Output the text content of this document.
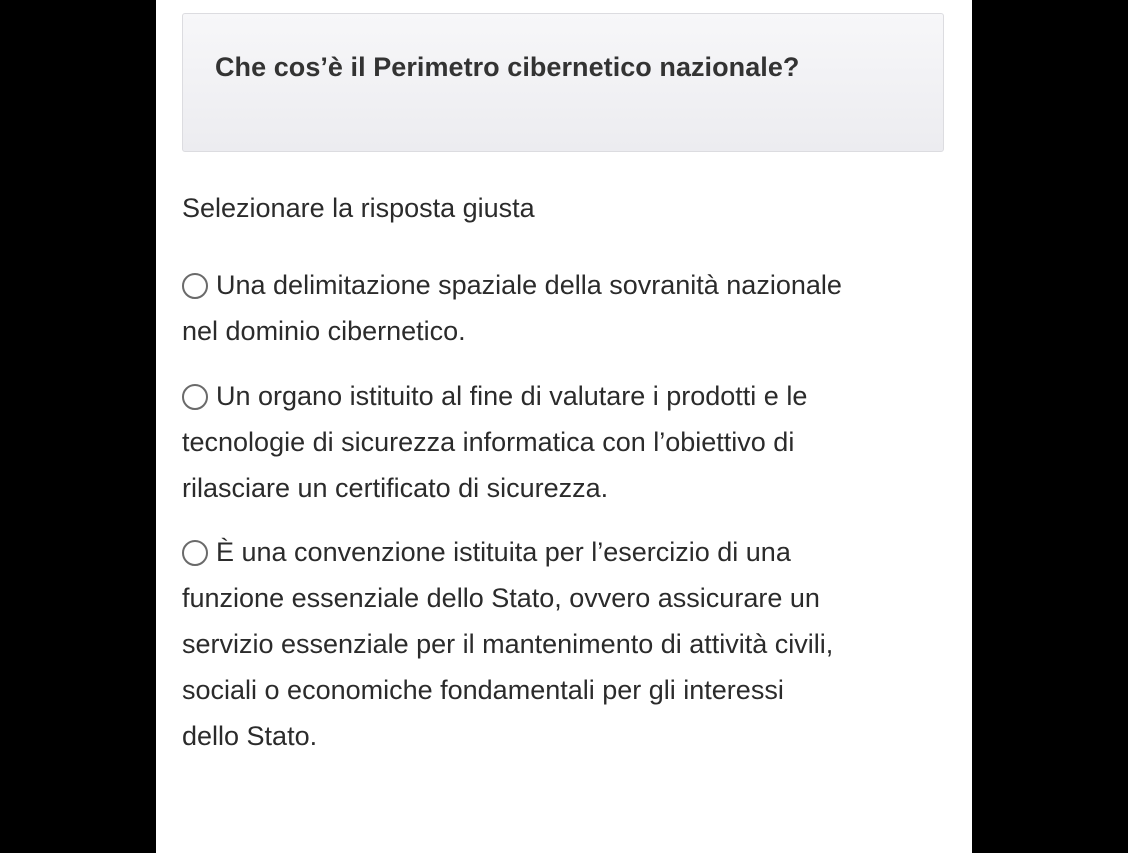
Che cos’è il Perimetro cibernetico nazionale?
Selezionare la risposta giusta
Una delimitazione spaziale della sovranità nazionale
nel dominio cibernetico.
Un organo istituito al fine di valutare i prodotti e le
tecnologie di sicurezza informatica con l’obiettivo di
rilasciare un certificato di sicurezza.
È una convenzione istituita per l’esercizio di una
funzione essenziale dello Stato, ovvero assicurare un
servizio essenziale per il mantenimento di attività civili,
sociali o economiche fondamentali per gli interessi
dello Stato.
